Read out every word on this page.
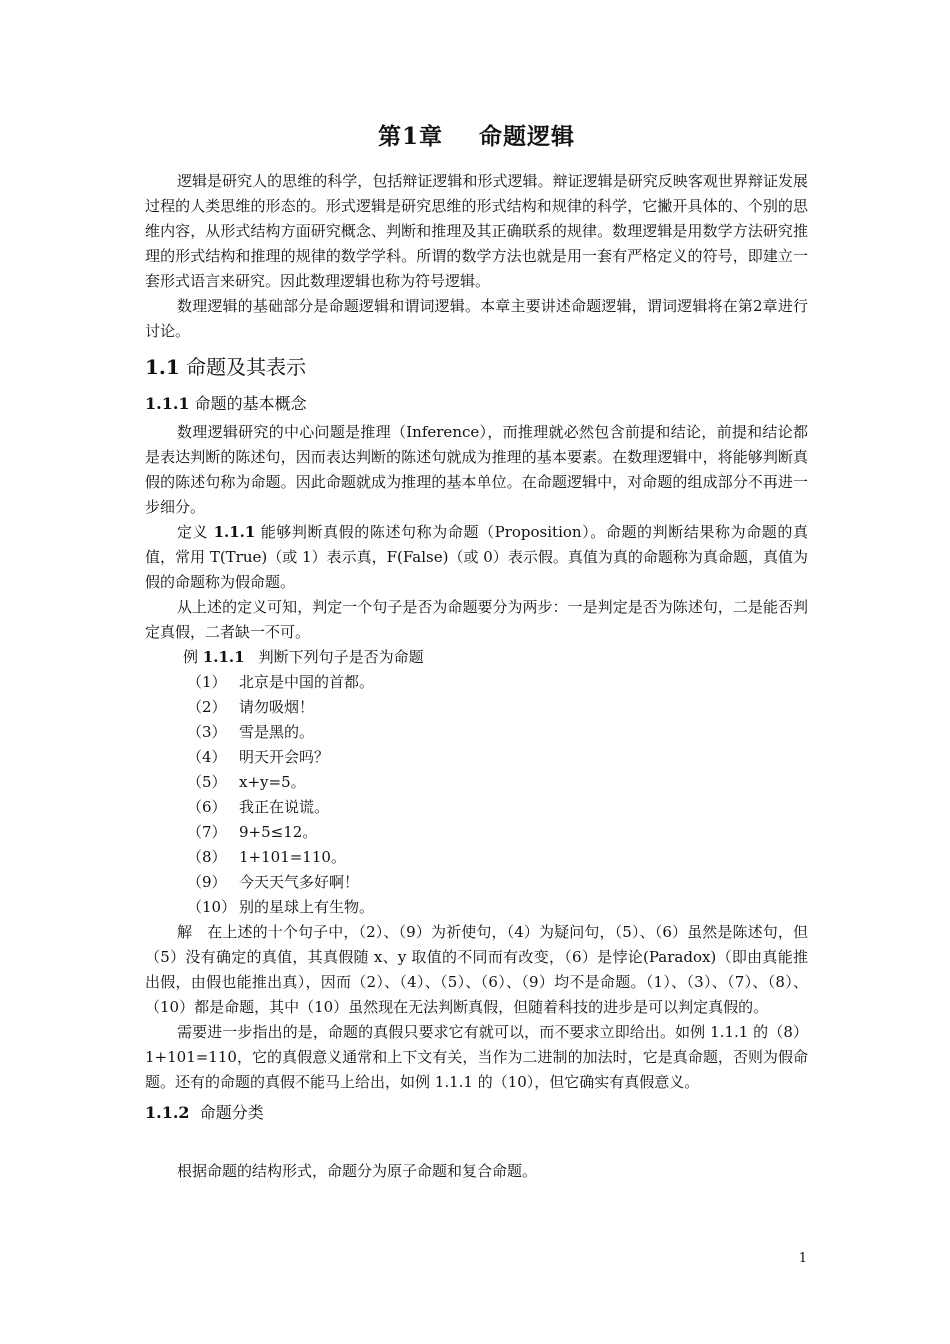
第1章 命题逻辑

逻辑是研究人的思维的科学，包括辩证逻辑和形式逻辑。辩证逻辑是研究反映客观世界辩证发展过程的人类思维的形态的。形式逻辑是研究思维的形式结构和规律的科学，它撇开具体的、个别的思维内容，从形式结构方面研究概念、判断和推理及其正确联系的规律。数理逻辑是用数学方法研究推理的形式结构和推理的规律的数学学科。所谓的数学方法也就是用一套有严格定义的符号，即建立一套形式语言来研究。因此数理逻辑也称为符号逻辑。

数理逻辑的基础部分是命题逻辑和谓词逻辑。本章主要讲述命题逻辑，谓词逻辑将在第2章进行讨论。

1.1 命题及其表示
1.1.1 命题的基本概念

数理逻辑研究的中心问题是推理（Inference），而推理就必然包含前提和结论，前提和结论都是表达判断的陈述句，因而表达判断的陈述句就成为推理的基本要素。在数理逻辑中，将能够判断真假的陈述句称为命题。因此命题就成为推理的基本单位。在命题逻辑中，对命题的组成部分不再进一步细分。

定义 1.1.1 能够判断真假的陈述句称为命题（Proposition）。命题的判断结果称为命题的真值，常用 T(True)（或 1）表示真，F(False)（或 0）表示假。真值为真的命题称为真命题，真值为假的命题称为假命题。

从上述的定义可知，判定一个句子是否为命题要分为两步：一是判定是否为陈述句，二是能否判定真假，二者缺一不可。

例 1.1.1 判断下列句子是否为命题
（1） 北京是中国的首都。
（2） 请勿吸烟！
（3） 雪是黑的。
（4） 明天开会吗？
（5） x+y=5。
（6） 我正在说谎。
（7） 9+5≤12。
（8） 1+101=110。
（9） 今天天气多好啊！
（10） 别的星球上有生物。

解　在上述的十个句子中，（2）、（9）为祈使句，（4）为疑问句，（5）、（6）虽然是陈述句，但（5）没有确定的真值，其真假随 x、y 取值的不同而有改变，（6）是悖论(Paradox)（即由真能推出假，由假也能推出真），因而（2）、（4）、（5）、（6）、（9）均不是命题。（1）、（3）、（7）、（8）、（10）都是命题，其中（10）虽然现在无法判断真假，但随着科技的进步是可以判定真假的。

需要进一步指出的是，命题的真假只要求它有就可以，而不要求立即给出。如例 1.1.1 的（8）1+101=110，它的真假意义通常和上下文有关，当作为二进制的加法时，它是真命题，否则为假命题。还有的命题的真假不能马上给出，如例 1.1.1 的（10），但它确实有真假意义。

1.1.2 命题分类

根据命题的结构形式，命题分为原子命题和复合命题。

1
